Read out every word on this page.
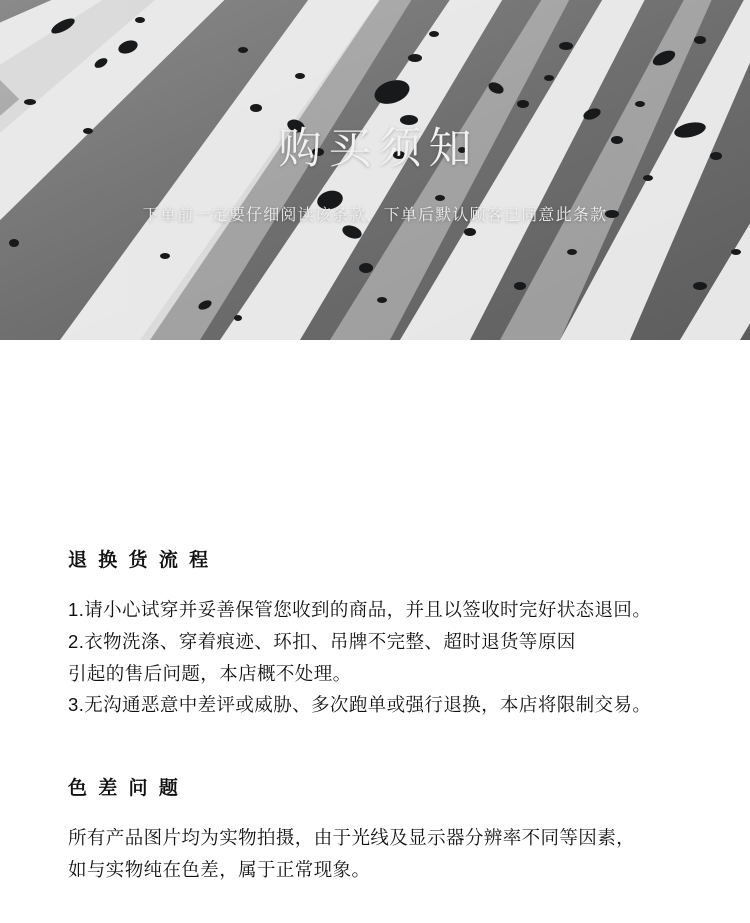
购买须知
下单前一定要仔细阅读该条款，下单后默认顾客已同意此条款
退 换 货 流 程

1.请小心试穿并妥善保管您收到的商品，并且以签收时完好状态退回。

2.衣物洗涤、穿着痕迹、环扣、吊牌不完整、超时退货等原因

引起的售后问题，本店概不处理。

3.无沟通恶意中差评或威胁、多次跑单或强行退换，本店将限制交易。

色 差 问 题

所有产品图片均为实物拍摄，由于光线及显示器分辨率不同等因素，

如与实物纯在色差，属于正常现象。
